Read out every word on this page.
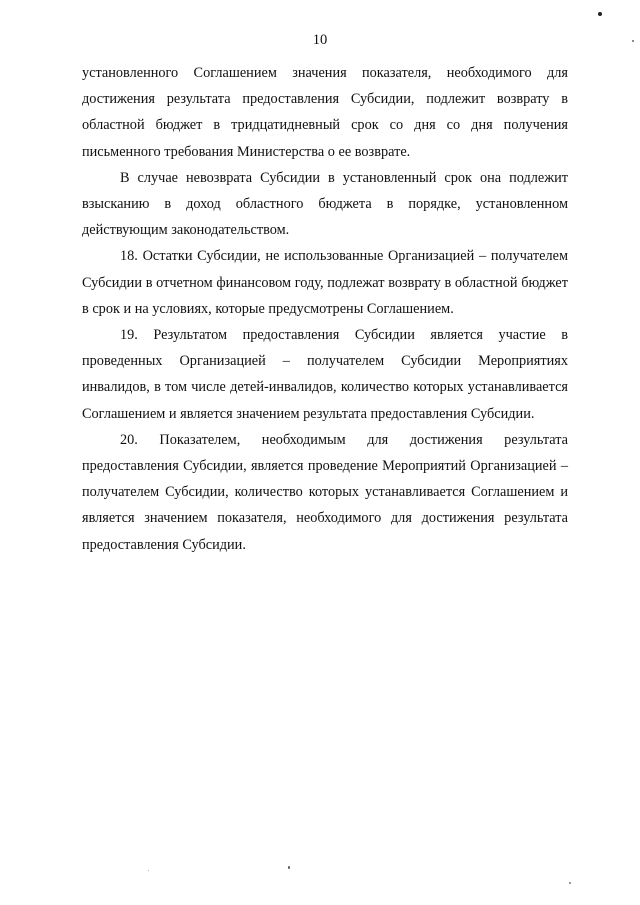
10

установленного Соглашением значения показателя, необходимого для достижения результата предоставления Субсидии, подлежит возврату в областной бюджет в тридцатидневный срок со дня со дня получения письменного требования Министерства о ее возврате.

В случае невозврата Субсидии в установленный срок она подлежит взысканию в доход областного бюджета в порядке, установленном действующим законодательством.

18. Остатки Субсидии, не использованные Организацией – получателем Субсидии в отчетном финансовом году, подлежат возврату в областной бюджет в срок и на условиях, которые предусмотрены Соглашением.

19. Результатом предоставления Субсидии является участие в проведенных Организацией – получателем Субсидии Мероприятиях инвалидов, в том числе детей-инвалидов, количество которых устанавливается Соглашением и является значением результата предоставления Субсидии.

20. Показателем, необходимым для достижения результата предоставления Субсидии, является проведение Мероприятий Организацией – получателем Субсидии, количество которых устанавливается Соглашением и является значением показателя, необходимого для достижения результата предоставления Субсидии.
